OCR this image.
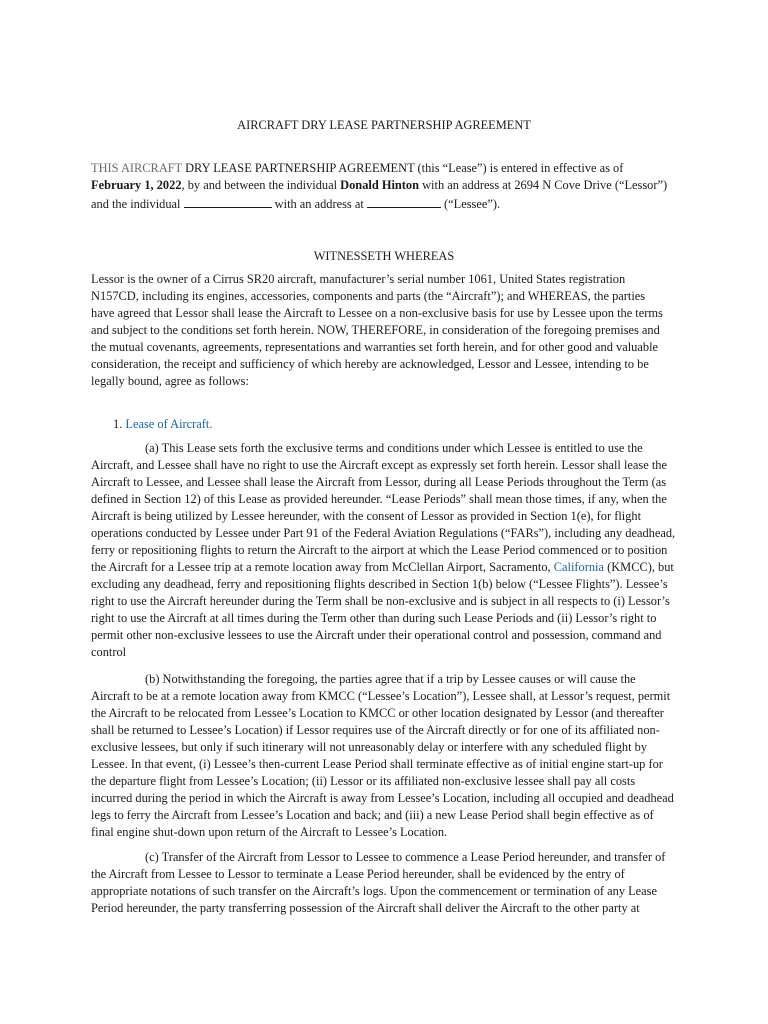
AIRCRAFT DRY LEASE PARTNERSHIP AGREEMENT
THIS AIRCRAFT DRY LEASE PARTNERSHIP AGREEMENT (this “Lease”) is entered in effective as of
February 1, 2022, by and between the individual Donald Hinton with an address at 2694 N Cove Drive (“Lessor”)
and the individual	with an address at	(“Lessee”).
WITNESSETH WHEREAS

Lessor is the owner of a Cirrus SR20 aircraft, manufacturer’s serial number 1061, United States registration N157CD, including its engines, accessories, components and parts (the “Aircraft”); and WHEREAS, the parties have agreed that Lessor shall lease the Aircraft to Lessee on a non-exclusive basis for use by Lessee upon the terms and subject to the conditions set forth herein. NOW, THEREFORE, in consideration of the foregoing premises and the mutual covenants, agreements, representations and warranties set forth herein, and for other good and valuable consideration, the receipt and sufficiency of which hereby are acknowledged, Lessor and Lessee, intending to be legally bound, agree as follows:

1. Lease of Aircraft.

(a) This Lease sets forth the exclusive terms and conditions under which Lessee is entitled to use the Aircraft, and Lessee shall have no right to use the Aircraft except as expressly set forth herein. Lessor shall lease the Aircraft to Lessee, and Lessee shall lease the Aircraft from Lessor, during all Lease Periods throughout the Term (as defined in Section 12) of this Lease as provided hereunder. “Lease Periods” shall mean those times, if any, when the Aircraft is being utilized by Lessee hereunder, with the consent of Lessor as provided in Section 1(e), for flight operations conducted by Lessee under Part 91 of the Federal Aviation Regulations (“FARs”), including any deadhead, ferry or repositioning flights to return the Aircraft to the airport at which the Lease Period commenced or to position the Aircraft for a Lessee trip at a remote location away from McClellan Airport, Sacramento, California (KMCC), but excluding any deadhead, ferry and repositioning flights described in Section 1(b) below (“Lessee Flights”). Lessee’s right to use the Aircraft hereunder during the Term shall be non-exclusive and is subject in all respects to (i) Lessor’s right to use the Aircraft at all times during the Term other than during such Lease Periods and (ii) Lessor’s right to permit other non-exclusive lessees to use the Aircraft under their operational control and possession, command and control

(b) Notwithstanding the foregoing, the parties agree that if a trip by Lessee causes or will cause the Aircraft to be at a remote location away from KMCC (“Lessee’s Location”), Lessee shall, at Lessor’s request, permit the Aircraft to be relocated from Lessee’s Location to KMCC or other location designated by Lessor (and thereafter shall be returned to Lessee’s Location) if Lessor requires use of the Aircraft directly or for one of its affiliated non-exclusive lessees, but only if such itinerary will not unreasonably delay or interfere with any scheduled flight by Lessee. In that event, (i) Lessee’s then-current Lease Period shall terminate effective as of initial engine start-up for the departure flight from Lessee’s Location; (ii) Lessor or its affiliated non-exclusive lessee shall pay all costs incurred during the period in which the Aircraft is away from Lessee’s Location, including all occupied and deadhead legs to ferry the Aircraft from Lessee’s Location and back; and (iii) a new Lease Period shall begin effective as of final engine shut-down upon return of the Aircraft to Lessee’s Location.

(c) Transfer of the Aircraft from Lessor to Lessee to commence a Lease Period hereunder, and transfer of the Aircraft from Lessee to Lessor to terminate a Lease Period hereunder, shall be evidenced by the entry of appropriate notations of such transfer on the Aircraft’s logs. Upon the commencement or termination of any Lease Period hereunder, the party transferring possession of the Aircraft shall deliver the Aircraft to the other party at
